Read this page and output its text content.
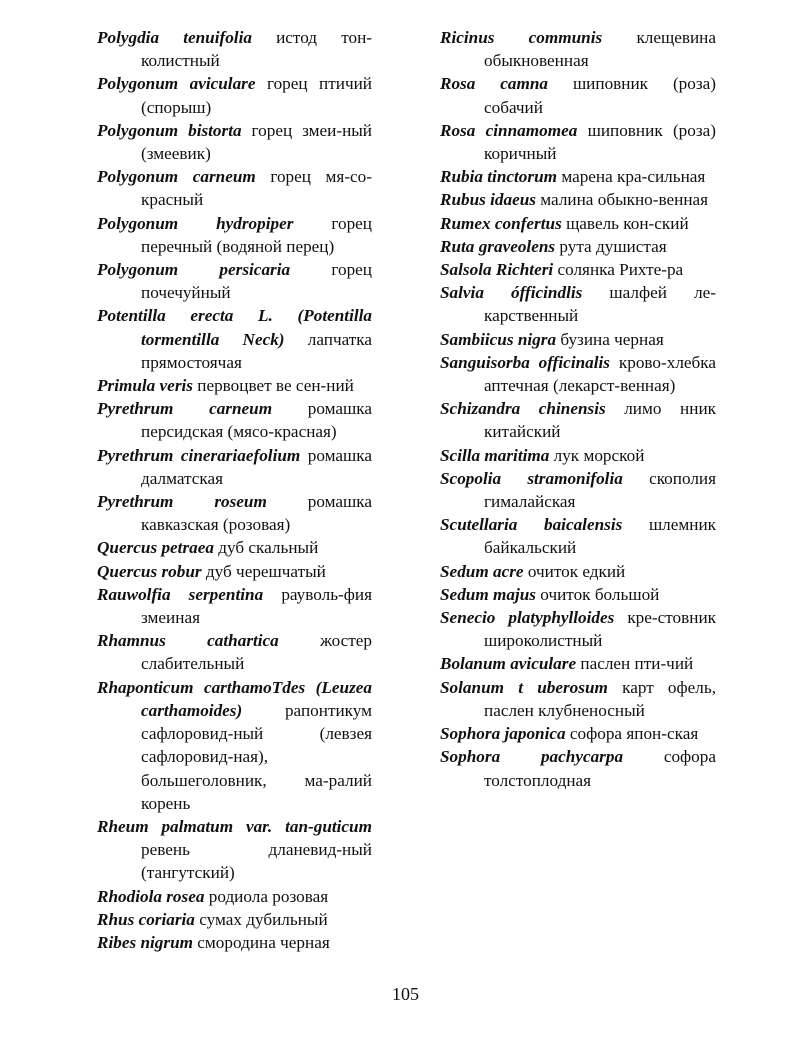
Polygdia tenuifolia истод тон-колистный
Polygonum aviculare горец птичий (спорыш)
Polygonum bistorta горец змеи-ный (змеевик)
Polygonum carneum горец мя-со-красный
Polygonum hydropiper горец перечный (водяной перец)
Polygonum persicaria горец почечуйный
Potentilla erecta L. (Potentilla tormentilla Neck) лапчатка прямостоячая
Primula veris первоцвет ве сен-ний
Pyrethrum carneum ромашка персидская (мясо-красная)
Pyrethrum cinerariaefolium ромашка далматская
Pyrethrum roseum ромашка кавказская (розовая)
Quercus petraea дуб скальный
Quercus robur дуб черешчатый
Rauwolfia serpentina рауволь-фия змеиная
Rhamnus cathartica жостер слабительный
Rhaponticum carthamoTdes (Leuzea carthamoides) рапонтикум сафлоровид-ный (левзея сафлоровид-ная), большеголовник, ма-ралий корень
Rheum palmatum var. tan-guticum ревень дланевид-ный (тангутский)
Rhodiola rosea родиола розовая
Rhus coriaria сумах дубильный
Ribes nigrum смородина черная
Ricinus communis клещевина обыкновенная
Rosa camna шиповник (роза) собачий
Rosa cinnamomea шиповник (роза) коричный
Rubia tinctorum марена кра-сильная
Rubus idaeus малина обыкно-венная
Rumex confertus щавель кон-ский
Ruta graveolens рута душистая
Salsola Richteri солянка Рихте-ра
Salvia ófficindlis шалфей ле-карственный
Sambiicus nigra бузина черная
Sanguisorba officinalis крово-хлебка аптечная (лекарст-венная)
Schizandra chinensis лимо нник китайский
Scilla maritima лук морской
Scopolia stramonifolia скополия гималайская
Scutellaria baicalensis шлемник байкальский
Sedum acre очиток едкий
Sedum majus очиток большой
Senecio platyphylloides кре-стовник широколистный
Bolanum aviculare паслен пти-чий
Solanum t uberosum карт офель, паслен клубненосный
Sophora japonica софора япон-ская
Sophora pachycarpa софора толстоплодная
105
